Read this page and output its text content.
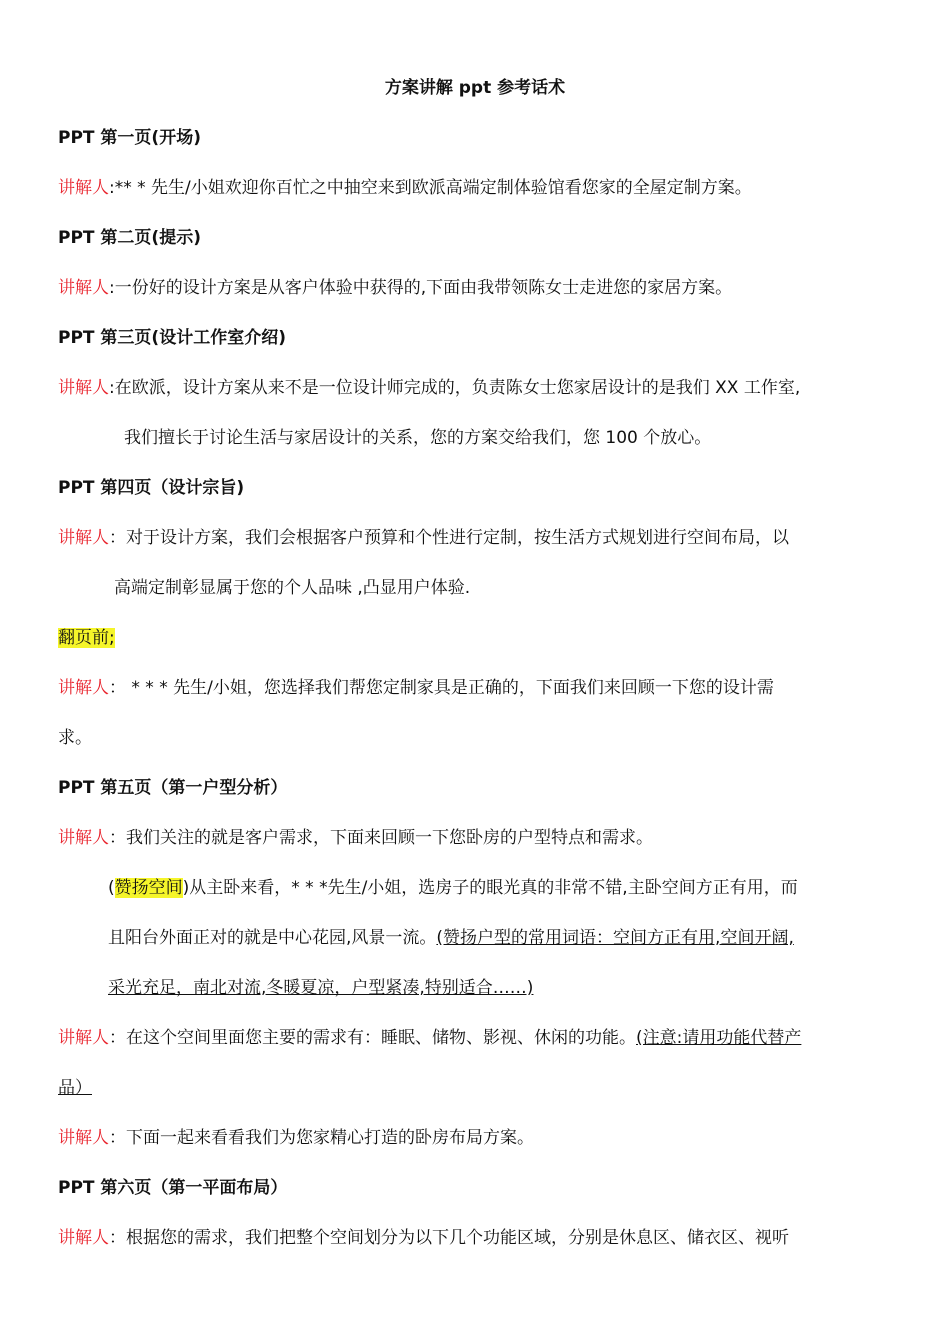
方案讲解 ppt 参考话术
PPT 第一页(开场)
讲解人:** * 先生/小姐欢迎你百忙之中抽空来到欧派高端定制体验馆看您家的全屋定制方案。
PPT 第二页(提示)
讲解人:一份好的设计方案是从客户体验中获得的,下面由我带领陈女士走进您的家居方案。
PPT 第三页(设计工作室介绍)
讲解人:在欧派，设计方案从来不是一位设计师完成的，负责陈女士您家居设计的是我们 XX 工作室,
我们擅长于讨论生活与家居设计的关系，您的方案交给我们，您 100 个放心。
PPT 第四页（设计宗旨)
讲解人：对于设计方案，我们会根据客户预算和个性进行定制，按生活方式规划进行空间布局，以
高端定制彰显属于您的个人品味 ,凸显用户体验.
翻页前;
讲解人： * * * 先生/小姐，您选择我们帮您定制家具是正确的，下面我们来回顾一下您的设计需
求。
PPT 第五页（第一户型分析）
讲解人：我们关注的就是客户需求，下面来回顾一下您卧房的户型特点和需求。
(赞扬空间)从主卧来看，* * *先生/小姐，选房子的眼光真的非常不错,主卧空间方正有用，而
且阳台外面正对的就是中心花园,风景一流。(赞扬户型的常用词语：空间方正有用,空间开阔,
采光充足，南北对流,冬暖夏凉，户型紧凑,特别适合……)
讲解人：在这个空间里面您主要的需求有：睡眠、储物、影视、休闲的功能。(注意:请用功能代替产
品）
讲解人：下面一起来看看我们为您家精心打造的卧房布局方案。
PPT 第六页（第一平面布局）
讲解人：根据您的需求，我们把整个空间划分为以下几个功能区域，分别是休息区、储衣区、视听
